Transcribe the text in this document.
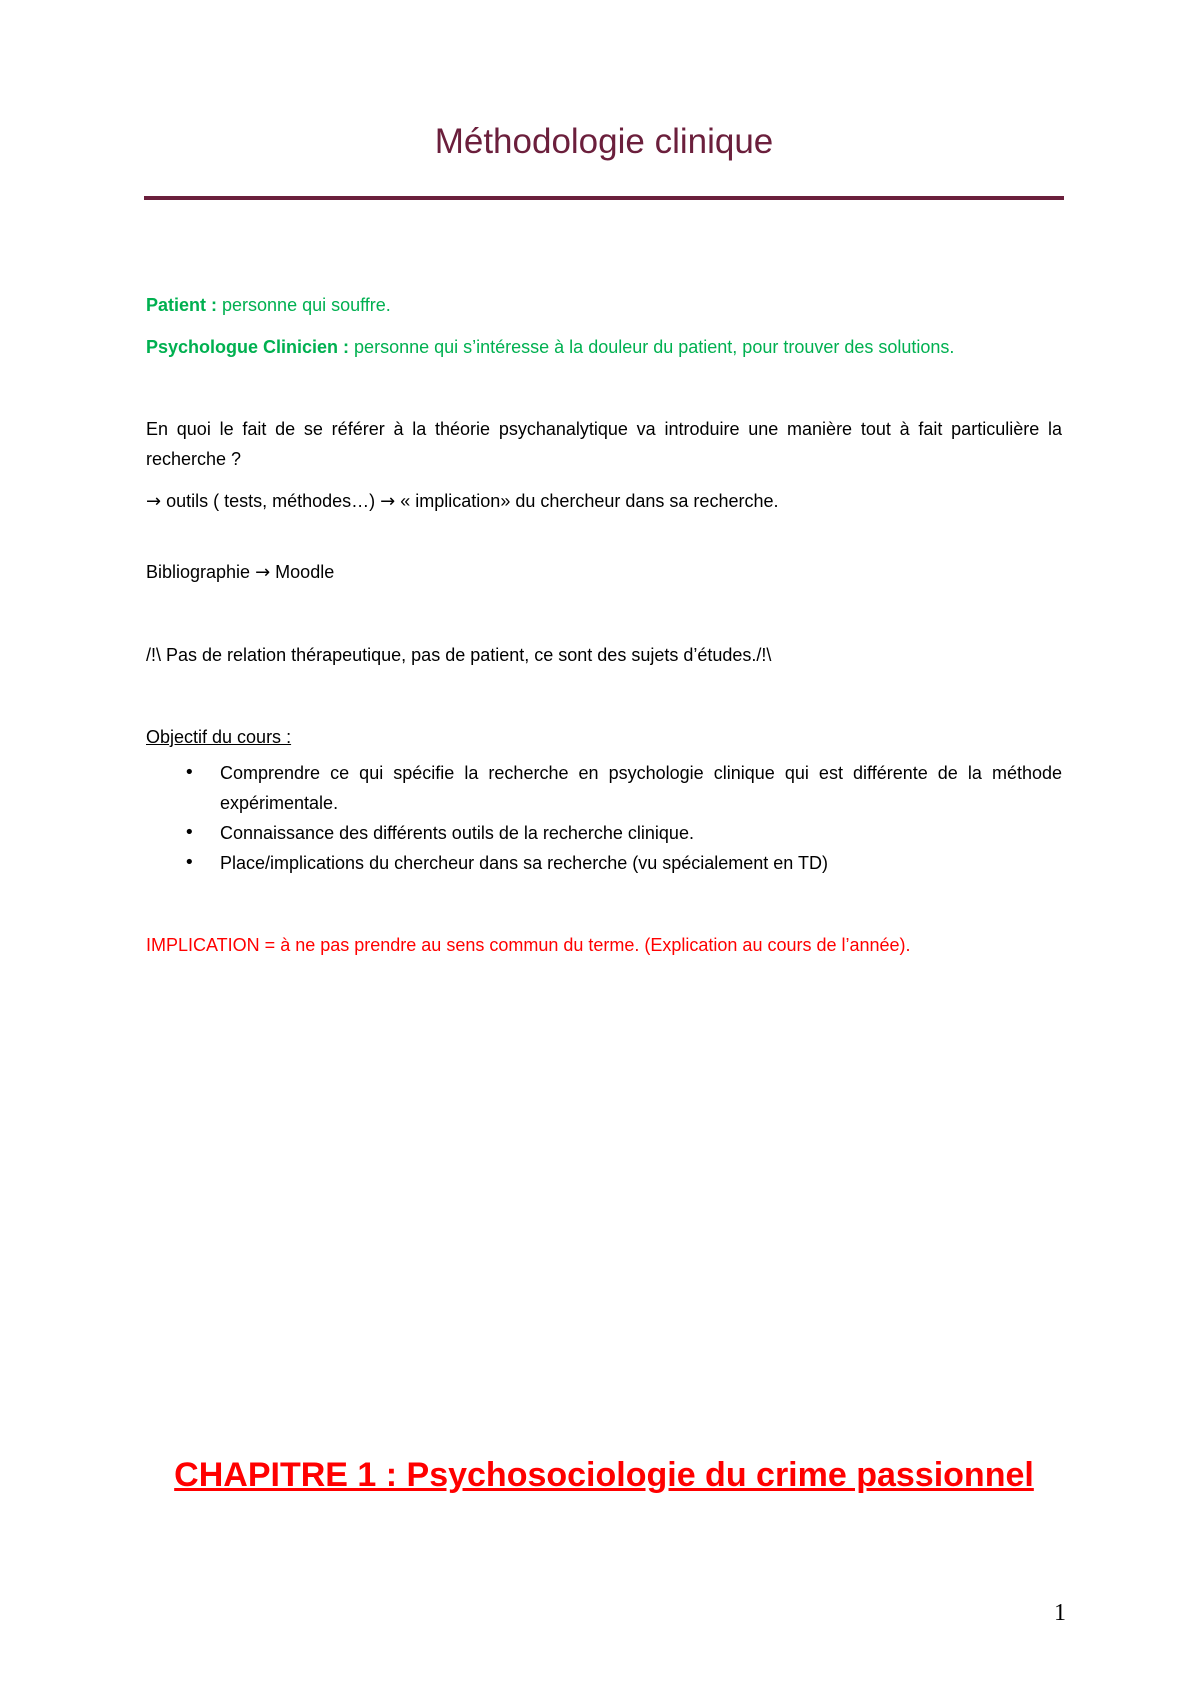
Méthodologie clinique

Patient : personne qui souffre.

Psychologue Clinicien : personne qui s’intéresse à la douleur du patient, pour trouver des solutions.

En quoi le fait de se référer à la théorie psychanalytique va introduire une manière tout à fait particulière la recherche ?

→ outils ( tests, méthodes…) → « implication» du chercheur dans sa recherche.

Bibliographie → Moodle

/!\ Pas de relation thérapeutique, pas de patient, ce sont des sujets d’études./!\

Objectif du cours :

• Comprendre ce qui spécifie la recherche en psychologie clinique qui est différente de la méthode expérimentale.
• Connaissance des différents outils de la recherche clinique.
• Place/implications du chercheur dans sa recherche (vu spécialement en TD)

IMPLICATION = à ne pas prendre au sens commun du terme. (Explication au cours de l’année).

CHAPITRE 1 : Psychosociologie du crime passionnel
1
